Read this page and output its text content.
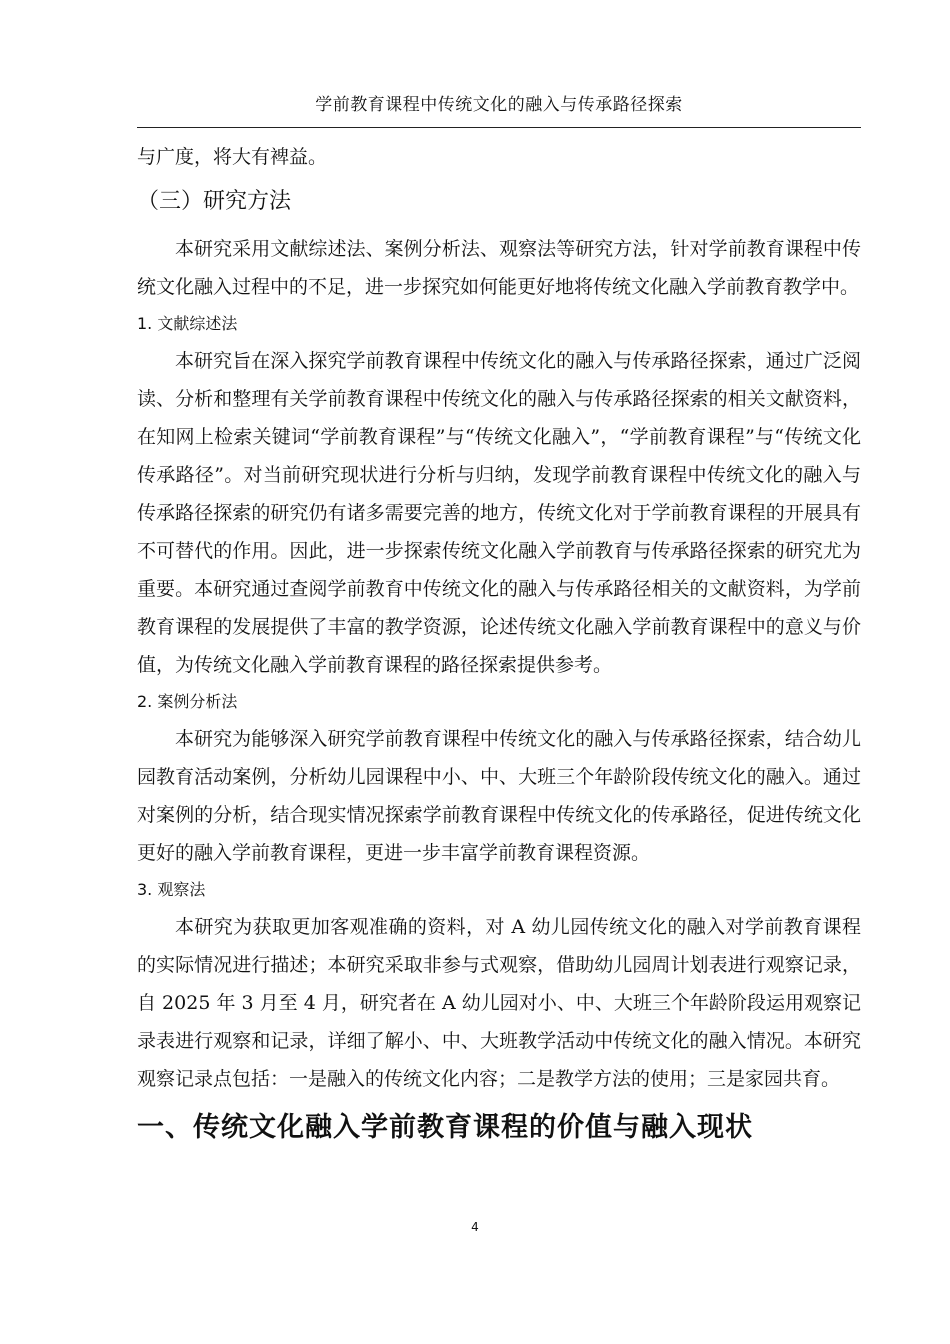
学前教育课程中传统文化的融入与传承路径探索

与广度，将大有裨益。

（三）研究方法

本研究采用文献综述法、案例分析法、观察法等研究方法，针对学前教育课程中传统文化融入过程中的不足，进一步探究如何能更好地将传统文化融入学前教育教学中。

1. 文献综述法

本研究旨在深入探究学前教育课程中传统文化的融入与传承路径探索，通过广泛阅读、分析和整理有关学前教育课程中传统文化的融入与传承路径探索的相关文献资料，在知网上检索关键词“学前教育课程”与“传统文化融入”，“学前教育课程”与“传统文化传承路径”。对当前研究现状进行分析与归纳，发现学前教育课程中传统文化的融入与传承路径探索的研究仍有诸多需要完善的地方，传统文化对于学前教育课程的开展具有不可替代的作用。因此，进一步探索传统文化融入学前教育与传承路径探索的研究尤为重要。本研究通过查阅学前教育中传统文化的融入与传承路径相关的文献资料，为学前教育课程的发展提供了丰富的教学资源，论述传统文化融入学前教育课程中的意义与价值，为传统文化融入学前教育课程的路径探索提供参考。

2. 案例分析法

本研究为能够深入研究学前教育课程中传统文化的融入与传承路径探索，结合幼儿园教育活动案例，分析幼儿园课程中小、中、大班三个年龄阶段传统文化的融入。通过对案例的分析，结合现实情况探索学前教育课程中传统文化的传承路径，促进传统文化更好的融入学前教育课程，更进一步丰富学前教育课程资源。

3. 观察法

本研究为获取更加客观准确的资料，对 A 幼儿园传统文化的融入对学前教育课程的实际情况进行描述；本研究采取非参与式观察，借助幼儿园周计划表进行观察记录，自 2025 年 3 月至 4 月，研究者在 A 幼儿园对小、中、大班三个年龄阶段运用观察记录表进行观察和记录，详细了解小、中、大班教学活动中传统文化的融入情况。本研究观察记录点包括：一是融入的传统文化内容；二是教学方法的使用；三是家园共育。

一、传统文化融入学前教育课程的价值与融入现状
4
